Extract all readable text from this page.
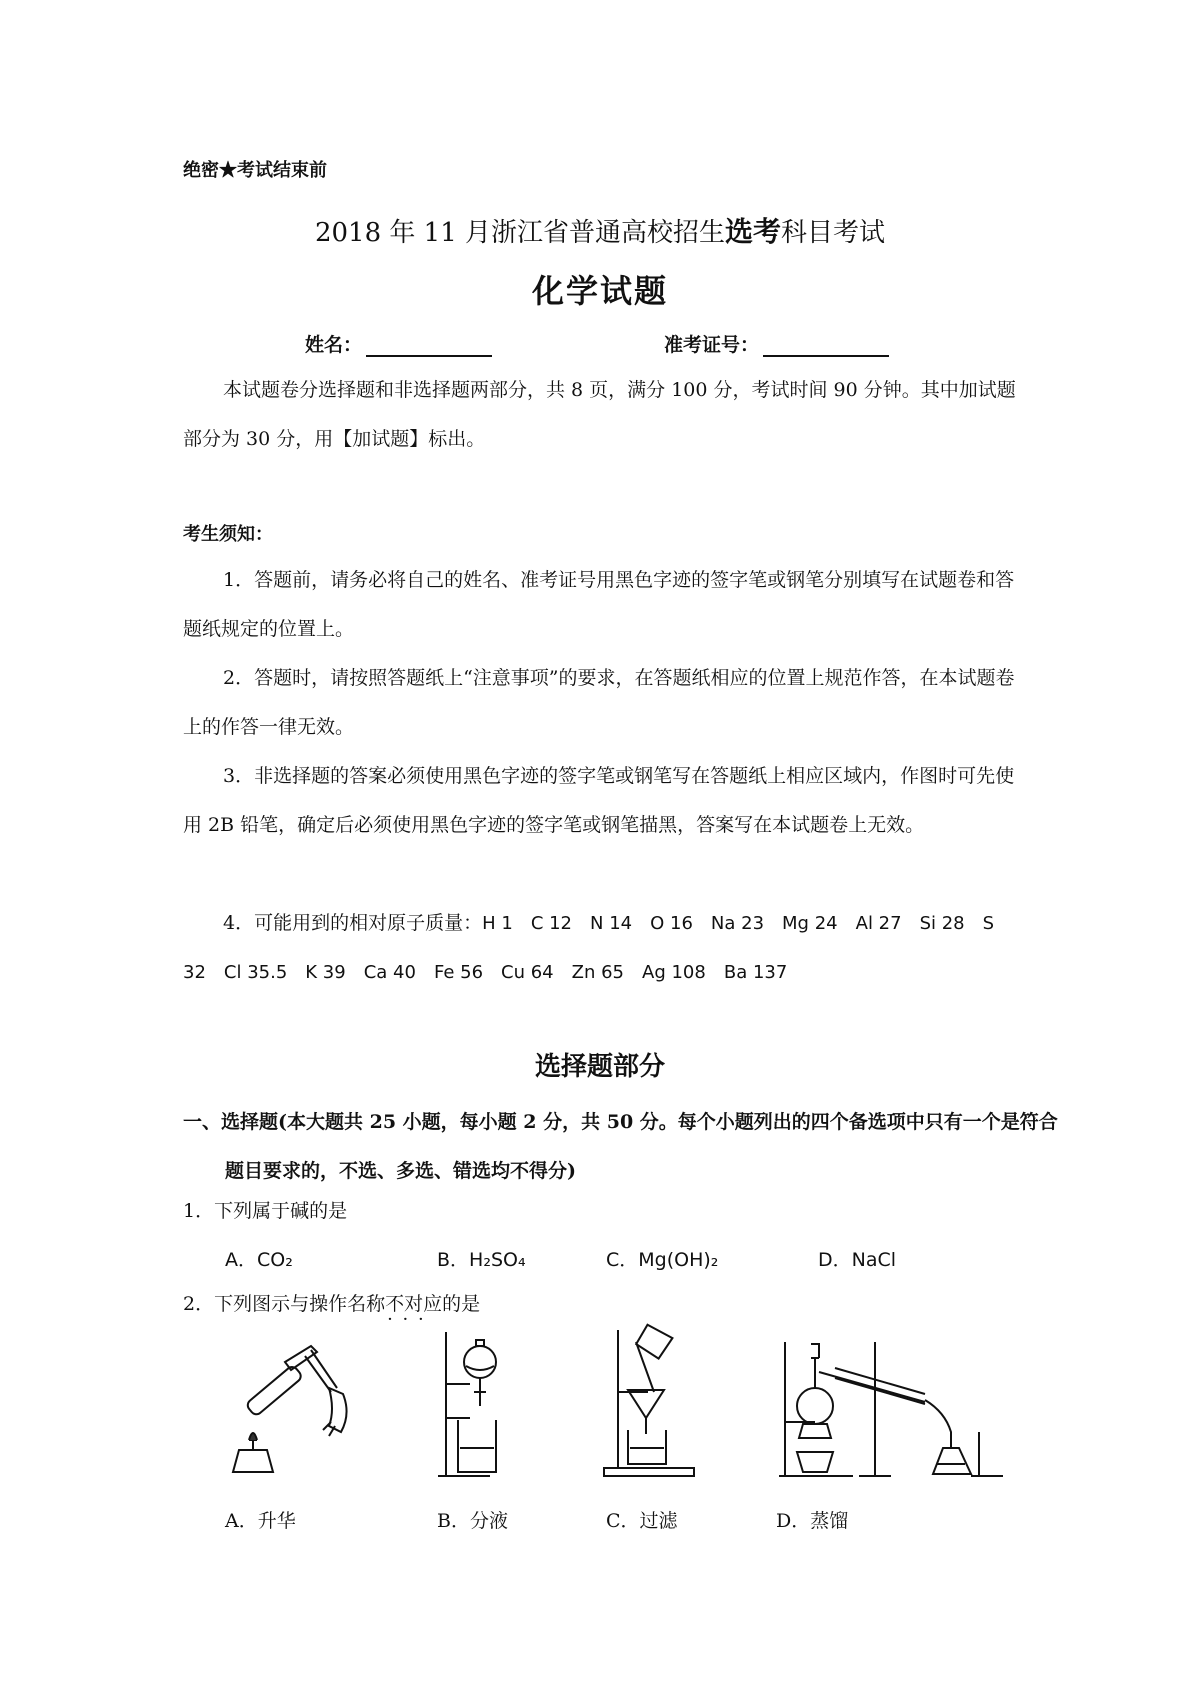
绝密★考试结束前
2018 年 11 月浙江省普通高校招生选考科目考试
化学试题
姓名：	准考证号：
本试题卷分选择题和非选择题两部分，共 8 页，满分 100 分，考试时间 90 分钟。其中加试题部分为 30 分，用【加试题】标出。
考生须知：
1．答题前，请务必将自己的姓名、准考证号用黑色字迹的签字笔或钢笔分别填写在试题卷和答题纸规定的位置上。
2．答题时，请按照答题纸上“注意事项”的要求，在答题纸相应的位置上规范作答，在本试题卷上的作答一律无效。
3．非选择题的答案必须使用黑色字迹的签字笔或钢笔写在答题纸上相应区域内，作图时可先使用 2B 铅笔，确定后必须使用黑色字迹的签字笔或钢笔描黑，答案写在本试题卷上无效。
4．可能用到的相对原子质量：H 1 C 12 N 14 O 16 Na 23 Mg 24 Al 27 Si 28 S 32 Cl 35.5 K 39 Ca 40 Fe 56 Cu 64 Zn 65 Ag 108 Ba 137
选择题部分
一、选择题(本大题共 25 小题，每小题 2 分，共 50 分。每个小题列出的四个备选项中只有一个是符合题目要求的，不选、多选、错选均不得分)
1．下列属于碱的是
A．CO₂	B．H₂SO₄	C．Mg(OH)₂	D．NaCl
2．下列图示与操作名称不对应 · · ·的是
A．升华	B．分液	C．过滤	D．蒸馏
